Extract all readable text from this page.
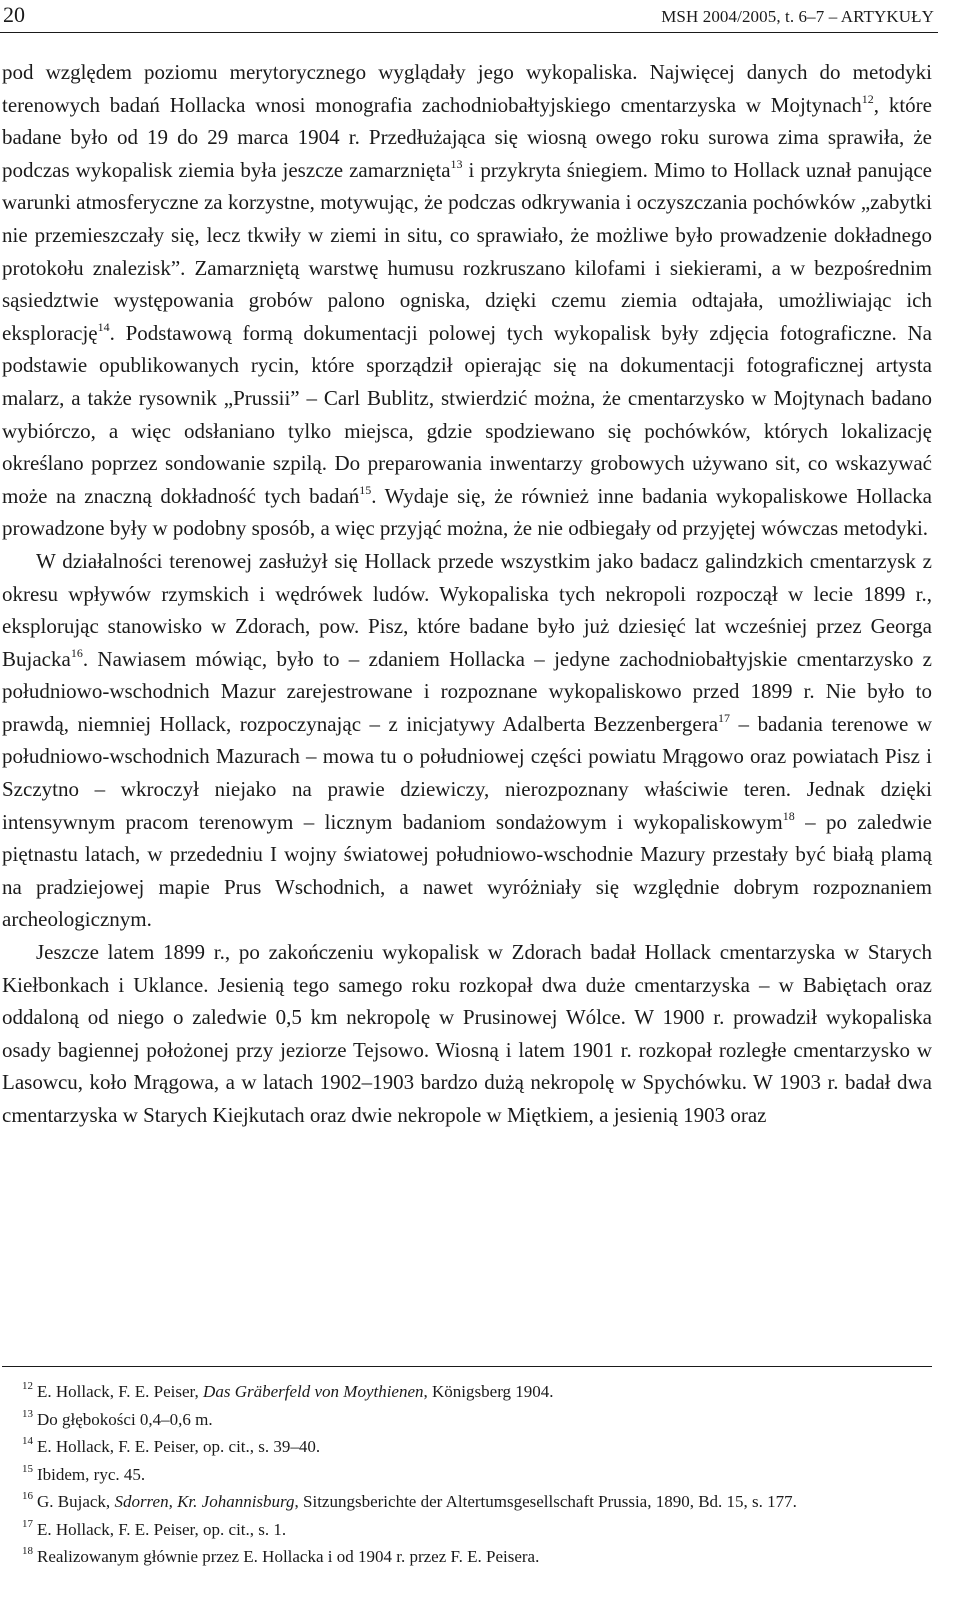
20	MSH 2004/2005, t. 6–7 – ARTYKUŁY

pod względem poziomu merytorycznego wyglądały jego wykopaliska. Najwięcej danych do metodyki terenowych badań Hollacka wnosi monografia zachodniobałtyjskiego cmentarzyska w Mojtynach$^{12}$, które badane było od 19 do 29 marca 1904 r. Przedłużająca się wiosną owego roku surowa zima sprawiła, że podczas wykopalisk ziemia była jeszcze zamarznięta$^{13}$ i przykryta śniegiem. Mimo to Hollack uznał panujące warunki atmosferyczne za korzystne, motywując, że podczas odkrywania i oczyszczania pochówków „zabytki nie przemieszczały się, lecz tkwiły w ziemi in situ, co sprawiało, że możliwe było prowadzenie dokładnego protokołu znalezisk”. Zamarzniętą warstwę humusu rozkruszano kilofami i siekierami, a w bezpośrednim sąsiedztwie występowania grobów palono ogniska, dzięki czemu ziemia odtajała, umożliwiając ich eksplorację$^{14}$. Podstawową formą dokumentacji polowej tych wykopalisk były zdjęcia fotograficzne. Na podstawie opublikowanych rycin, które sporządził opierając się na dokumentacji fotograficznej artysta malarz, a także rysownik „Prussii” – Carl Bublitz, stwierdzić można, że cmentarzysko w Mojtynach badano wybiórczo, a więc odsłaniano tylko miejsca, gdzie spodziewano się pochówków, których lokalizację określano poprzez sondowanie szpilą. Do preparowania inwentarzy grobowych używano sit, co wskazywać może na znaczną dokładność tych badań$^{15}$. Wydaje się, że również inne badania wykopaliskowe Hollacka prowadzone były w podobny sposób, a więc przyjąć można, że nie odbiegały od przyjętej wówczas metodyki.

W działalności terenowej zasłużył się Hollack przede wszystkim jako badacz galindzkich cmentarzysk z okresu wpływów rzymskich i wędrówek ludów. Wykopaliska tych nekropoli rozpoczął w lecie 1899 r., eksplorując stanowisko w Zdorach, pow. Pisz, które badane było już dziesięć lat wcześniej przez Georga Bujacka$^{16}$. Nawiasem mówiąc, było to – zdaniem Hollacka – jedyne zachodniobałtyjskie cmentarzysko z południowo-wschodnich Mazur zarejestrowane i rozpoznane wykopaliskowo przed 1899 r. Nie było to prawdą, niemniej Hollack, rozpoczynając – z inicjatywy Adalberta Bezzenbergera$^{17}$ – badania terenowe w południowo-wschodnich Mazurach – mowa tu o południowej części powiatu Mrągowo oraz powiatach Pisz i Szczytno – wkroczył niejako na prawie dziewiczy, nierozpoznany właściwie teren. Jednak dzięki intensywnym pracom terenowym – licznym badaniom sondażowym i wykopaliskowym$^{18}$ – po zaledwie piętnastu latach, w przededniu I wojny światowej południowo-wschodnie Mazury przestały być białą plamą na pradziejowej mapie Prus Wschodnich, a nawet wyróżniały się względnie dobrym rozpoznaniem archeologicznym.

Jeszcze latem 1899 r., po zakończeniu wykopalisk w Zdorach badał Hollack cmentarzyska w Starych Kiełbonkach i Uklance. Jesienią tego samego roku rozkopał dwa duże cmentarzyska – w Babiętach oraz oddaloną od niego o zaledwie 0,5 km nekropolę w Prusinowej Wólce. W 1900 r. prowadził wykopaliska osady bagiennej położonej przy jeziorze Tejsowo. Wiosną i latem 1901 r. rozkopał rozległe cmentarzysko w Lasowcu, koło Mrągowa, a w latach 1902–1903 bardzo dużą nekropolę w Spychówku. W 1903 r. badał dwa cmentarzyska w Starych Kiejkutach oraz dwie nekropole w Miętkiem, a jesienią 1903 oraz

$^{12}$ E. Hollack, F. E. Peiser, Das Gräberfeld von Moythienen, Königsberg 1904.
$^{13}$ Do głębokości 0,4–0,6 m.
$^{14}$ E. Hollack, F. E. Peiser, op. cit., s. 39–40.
$^{15}$ Ibidem, ryc. 45.
$^{16}$ G. Bujack, Sdorren, Kr. Johannisburg, Sitzungsberichte der Altertumsgesellschaft Prussia, 1890, Bd. 15, s. 177.
$^{17}$ E. Hollack, F. E. Peiser, op. cit., s. 1.
$^{18}$ Realizowanym głównie przez E. Hollacka i od 1904 r. przez F. E. Peisera.
